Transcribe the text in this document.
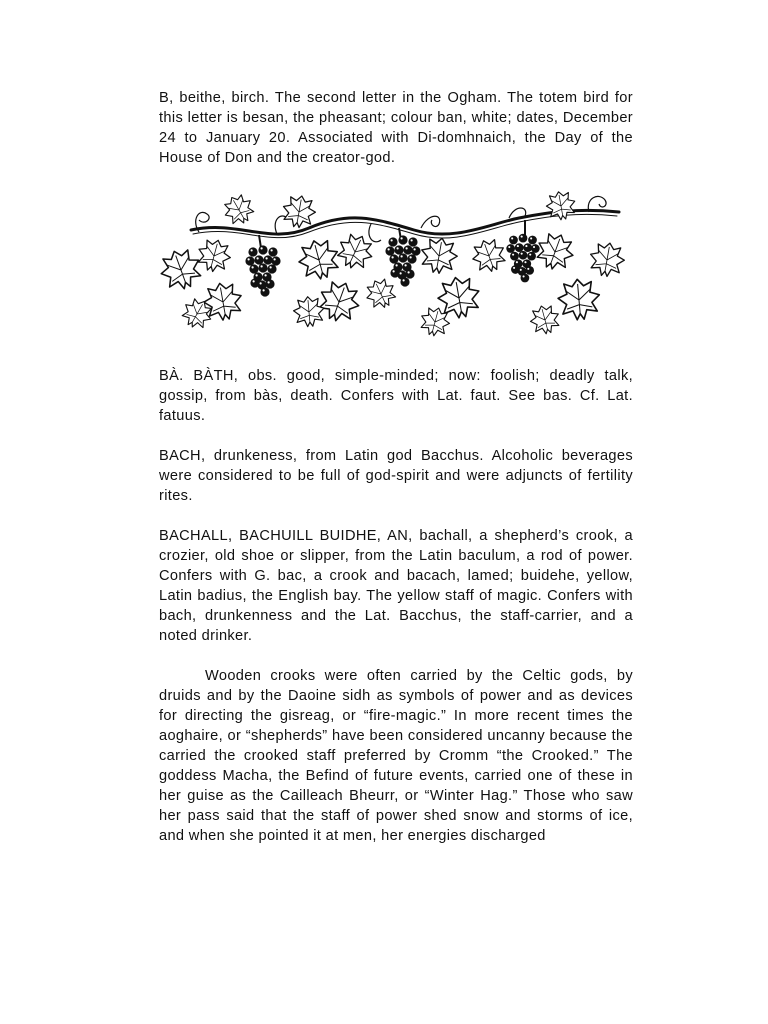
B, beithe, birch. The second letter in the Ogham. The totem bird for this letter is besan, the pheasant; colour ban, white; dates, December 24 to January 20. Associated with Di-domhnaich, the Day of the House of Don and the creator-god.

BÀ. BÀTH, obs. good, simple-minded; now: foolish; deadly talk, gossip, from bàs, death. Confers with Lat. faut. See bas. Cf. Lat. fatuus.

BACH, drunkeness, from Latin god Bacchus. Alcoholic beverages were considered to be full of god-spirit and were adjuncts of fertility rites.

BACHALL, BACHUILL BUIDHE, AN, bachall, a shepherd’s crook, a crozier, old shoe or slipper, from the Latin baculum, a rod of power. Confers with G. bac, a crook and bacach, lamed; buidehe, yellow, Latin badius, the English bay. The yellow staff of magic. Confers with bach, drunkenness and the Lat. Bacchus, the staff-carrier, and a noted drinker.

Wooden crooks were often carried by the Celtic gods, by druids and by the Daoine sidh as symbols of power and as devices for directing the gisreag, or “fire-magic.” In more recent times the aoghaire, or “shepherds” have been considered uncanny because the carried the crooked staff preferred by Cromm “the Crooked.” The goddess Macha, the Befind of future events, carried one of these in her guise as the Cailleach Bheurr, or “Winter Hag.” Those who saw her pass said that the staff of power shed snow and storms of ice, and when she pointed it at men, her energies discharged
